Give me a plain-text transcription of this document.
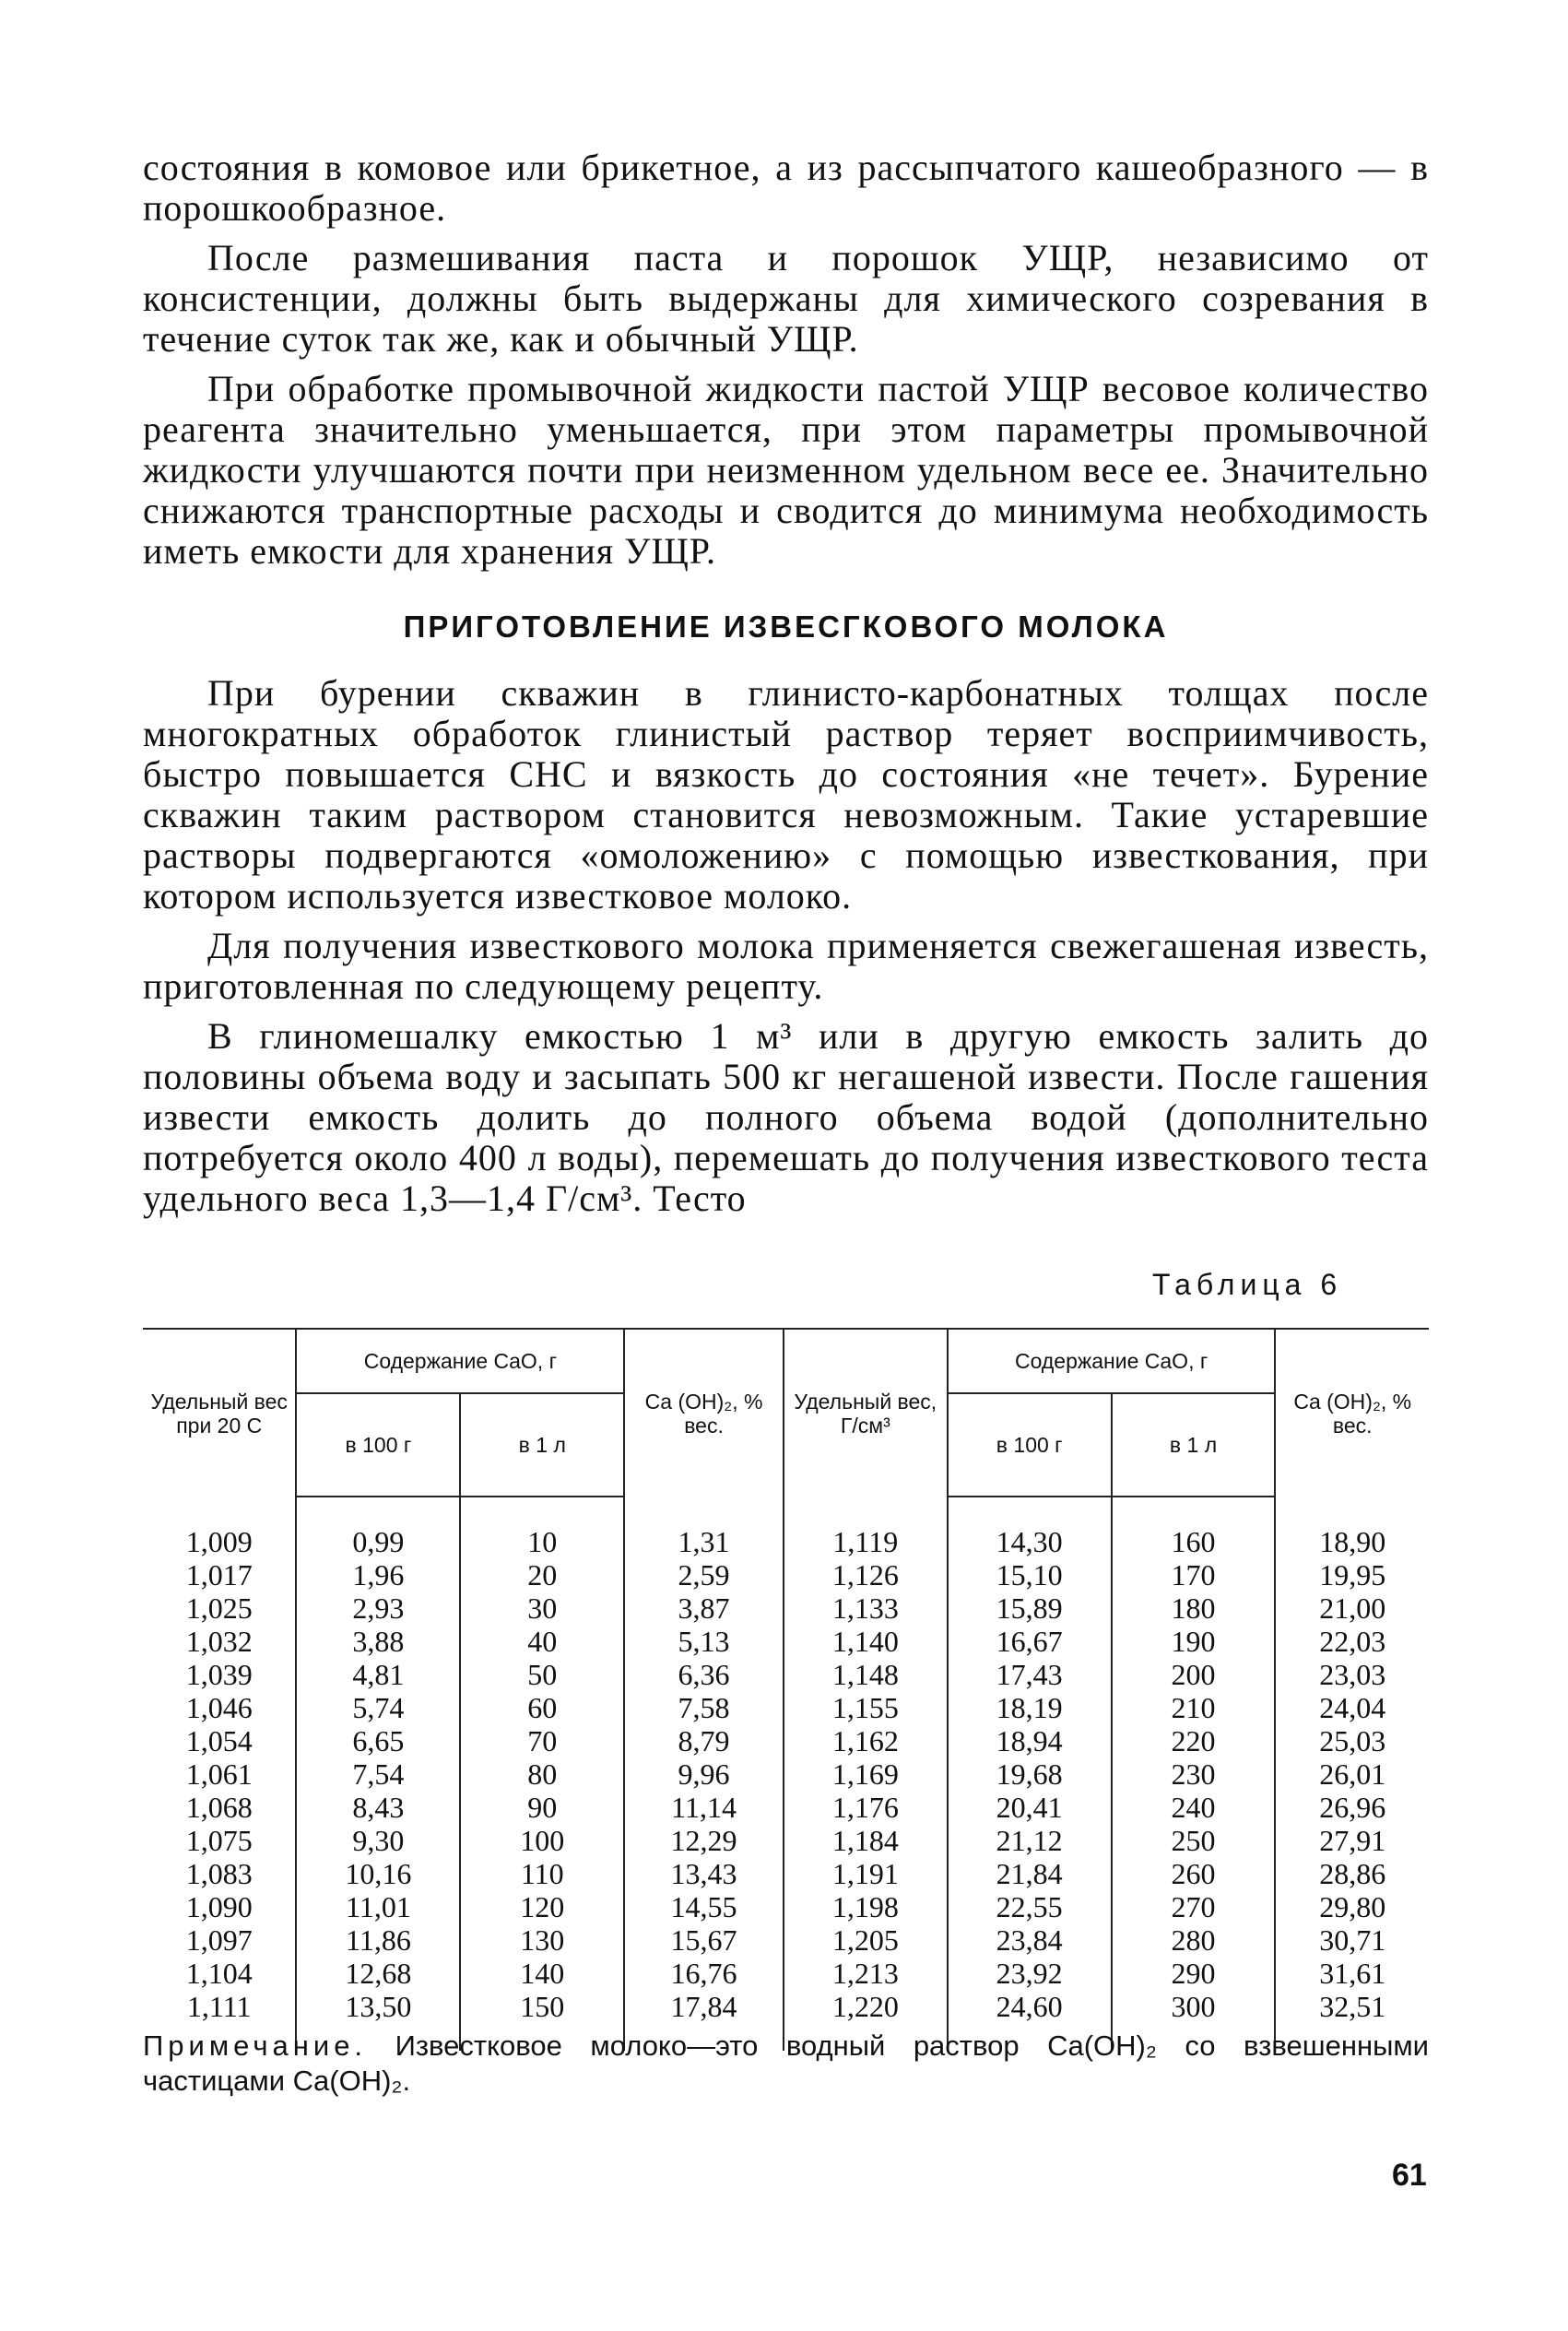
состояния в комовое или брикетное, а из рассыпчатого кашеобразного — в порошкообразное.

После размешивания паста и порошок УЩР, независимо от консистенции, должны быть выдержаны для химического созревания в течение суток так же, как и обычный УЩР.

При обработке промывочной жидкости пастой УЩР весовое количество реагента значительно уменьшается, при этом параметры промывочной жидкости улучшаются почти при неизменном удельном весе ее. Значительно снижаются транспортные расходы и сводится до минимума необходимость иметь емкости для хранения УЩР.

ПРИГОТОВЛЕНИЕ ИЗВЕСГКОВОГО МОЛОКА

При бурении скважин в глинисто-карбонатных толщах после многократных обработок глинистый раствор теряет восприимчивость, быстро повышается СНС и вязкость до состояния «не течет». Бурение скважин таким раствором становится невозможным. Такие устаревшие растворы подвергаются «омоложению» с помощью известкования, при котором используется известковое молоко.

Для получения известкового молока применяется свежегашеная известь, приготовленная по следующему рецепту.

В глиномешалку емкостью 1 м³ или в другую емкость залить до половины объема воду и засыпать 500 кг негашеной извести. После гашения извести емкость долить до полного объема водой (дополнительно потребуется около 400 л воды), перемешать до получения известкового теста удельного веса 1,3—1,4 Г/см³. Тесто

Таблица 6
Удельный вес при 20 С	Содержание CaO, г		Ca (OH)₂, % вес.	Удельный вес, Г/см³	Содержание CaO, г		Ca (OH)₂, % вес.
	в 100 г	в 1 л			в 100 г	в 1 л	

1,009	0,99	10	1,31	1,119	14,30	160	18,90
1,017	1,96	20	2,59	1,126	15,10	170	19,95
1,025	2,93	30	3,87	1,133	15,89	180	21,00
1,032	3,88	40	5,13	1,140	16,67	190	22,03
1,039	4,81	50	6,36	1,148	17,43	200	23,03
1,046	5,74	60	7,58	1,155	18,19	210	24,04
1,054	6,65	70	8,79	1,162	18,94	220	25,03
1,061	7,54	80	9,96	1,169	19,68	230	26,01
1,068	8,43	90	11,14	1,176	20,41	240	26,96
1,075	9,30	100	12,29	1,184	21,12	250	27,91
1,083	10,16	110	13,43	1,191	21,84	260	28,86
1,090	11,01	120	14,55	1,198	22,55	270	29,80
1,097	11,86	130	15,67	1,205	23,84	280	30,71
1,104	12,68	140	16,76	1,213	23,92	290	31,61
1,111	13,50	150	17,84	1,220	24,60	300	32,51

Примечание. Известковое молоко—это водный раствор Ca(OH)₂ со взвешенными частицами Ca(OH)₂.
61
